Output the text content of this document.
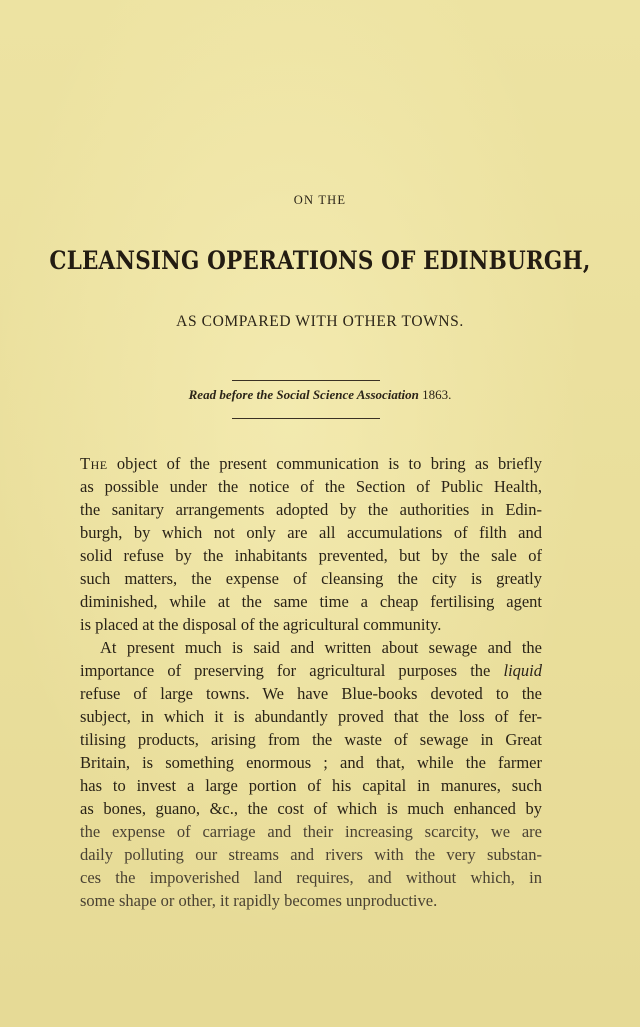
ON THE
CLEANSING OPERATIONS OF EDINBURGH,
AS COMPARED WITH OTHER TOWNS.
Read before the Social Science Association 1863.
The object of the present communication is to bring as briefly
as possible under the notice of the Section of Public Health,
the sanitary arrangements adopted by the authorities in Edin-
burgh, by which not only are all accumulations of filth and
solid refuse by the inhabitants prevented, but by the sale of
such matters, the expense of cleansing the city is greatly
diminished, while at the same time a cheap fertilising agent
is placed at the disposal of the agricultural community.
At present much is said and written about sewage and the
importance of preserving for agricultural purposes the liquid
refuse of large towns. We have Blue-books devoted to the
subject, in which it is abundantly proved that the loss of fer-
tilising products, arising from the waste of sewage in Great
Britain, is something enormous ; and that, while the farmer
has to invest a large portion of his capital in manures, such
as bones, guano, &c., the cost of which is much enhanced by
the expense of carriage and their increasing scarcity, we are
daily polluting our streams and rivers with the very substan-
ces the impoverished land requires, and without which, in
some shape or other, it rapidly becomes unproductive.
